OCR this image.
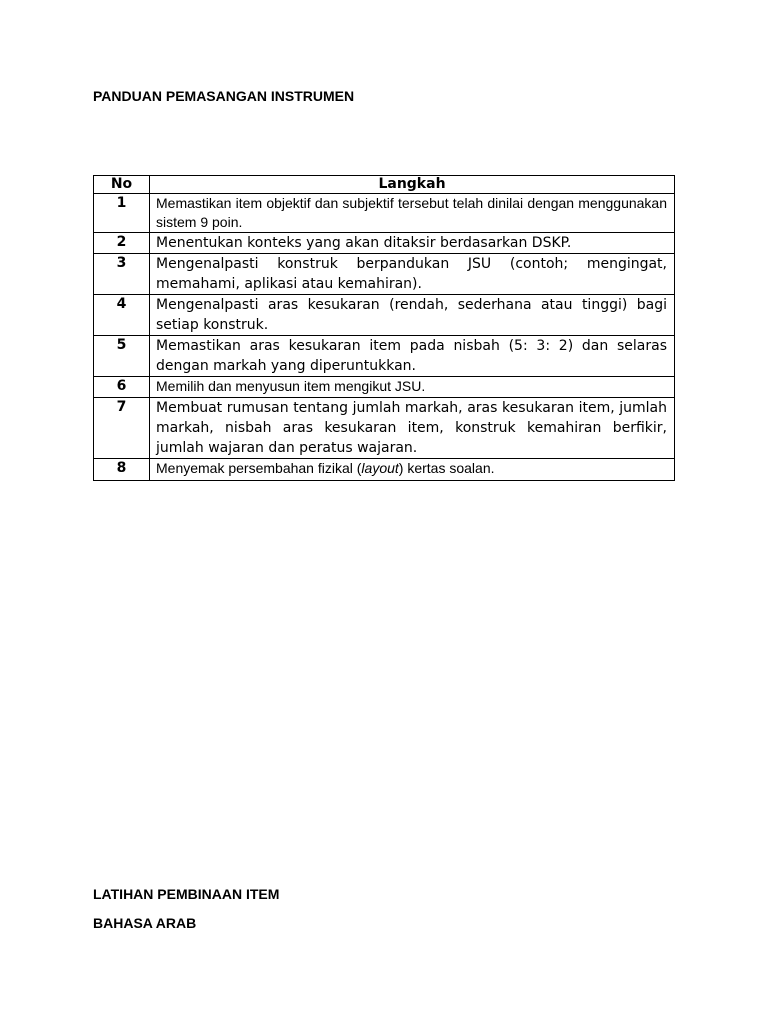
PANDUAN PEMASANGAN INSTRUMEN
No	Langkah
1	Memastikan item objektif dan subjektif tersebut telah dinilai dengan menggunakan sistem 9 poin.
2	Menentukan konteks yang akan ditaksir berdasarkan DSKP.
3	Mengenalpasti konstruk berpandukan JSU (contoh; mengingat, memahami, aplikasi atau kemahiran).
4	Mengenalpasti aras kesukaran (rendah, sederhana atau tinggi) bagi setiap konstruk.
5	Memastikan aras kesukaran item pada nisbah (5: 3: 2) dan selaras dengan markah yang diperuntukkan.
6	Memilih dan menyusun item mengikut JSU.
7	Membuat rumusan tentang jumlah markah, aras kesukaran item, jumlah markah, nisbah aras kesukaran item, konstruk kemahiran berfikir, jumlah wajaran dan peratus wajaran.
8	Menyemak persembahan fizikal (layout) kertas soalan.

LATIHAN PEMBINAAN ITEM

BAHASA ARAB
